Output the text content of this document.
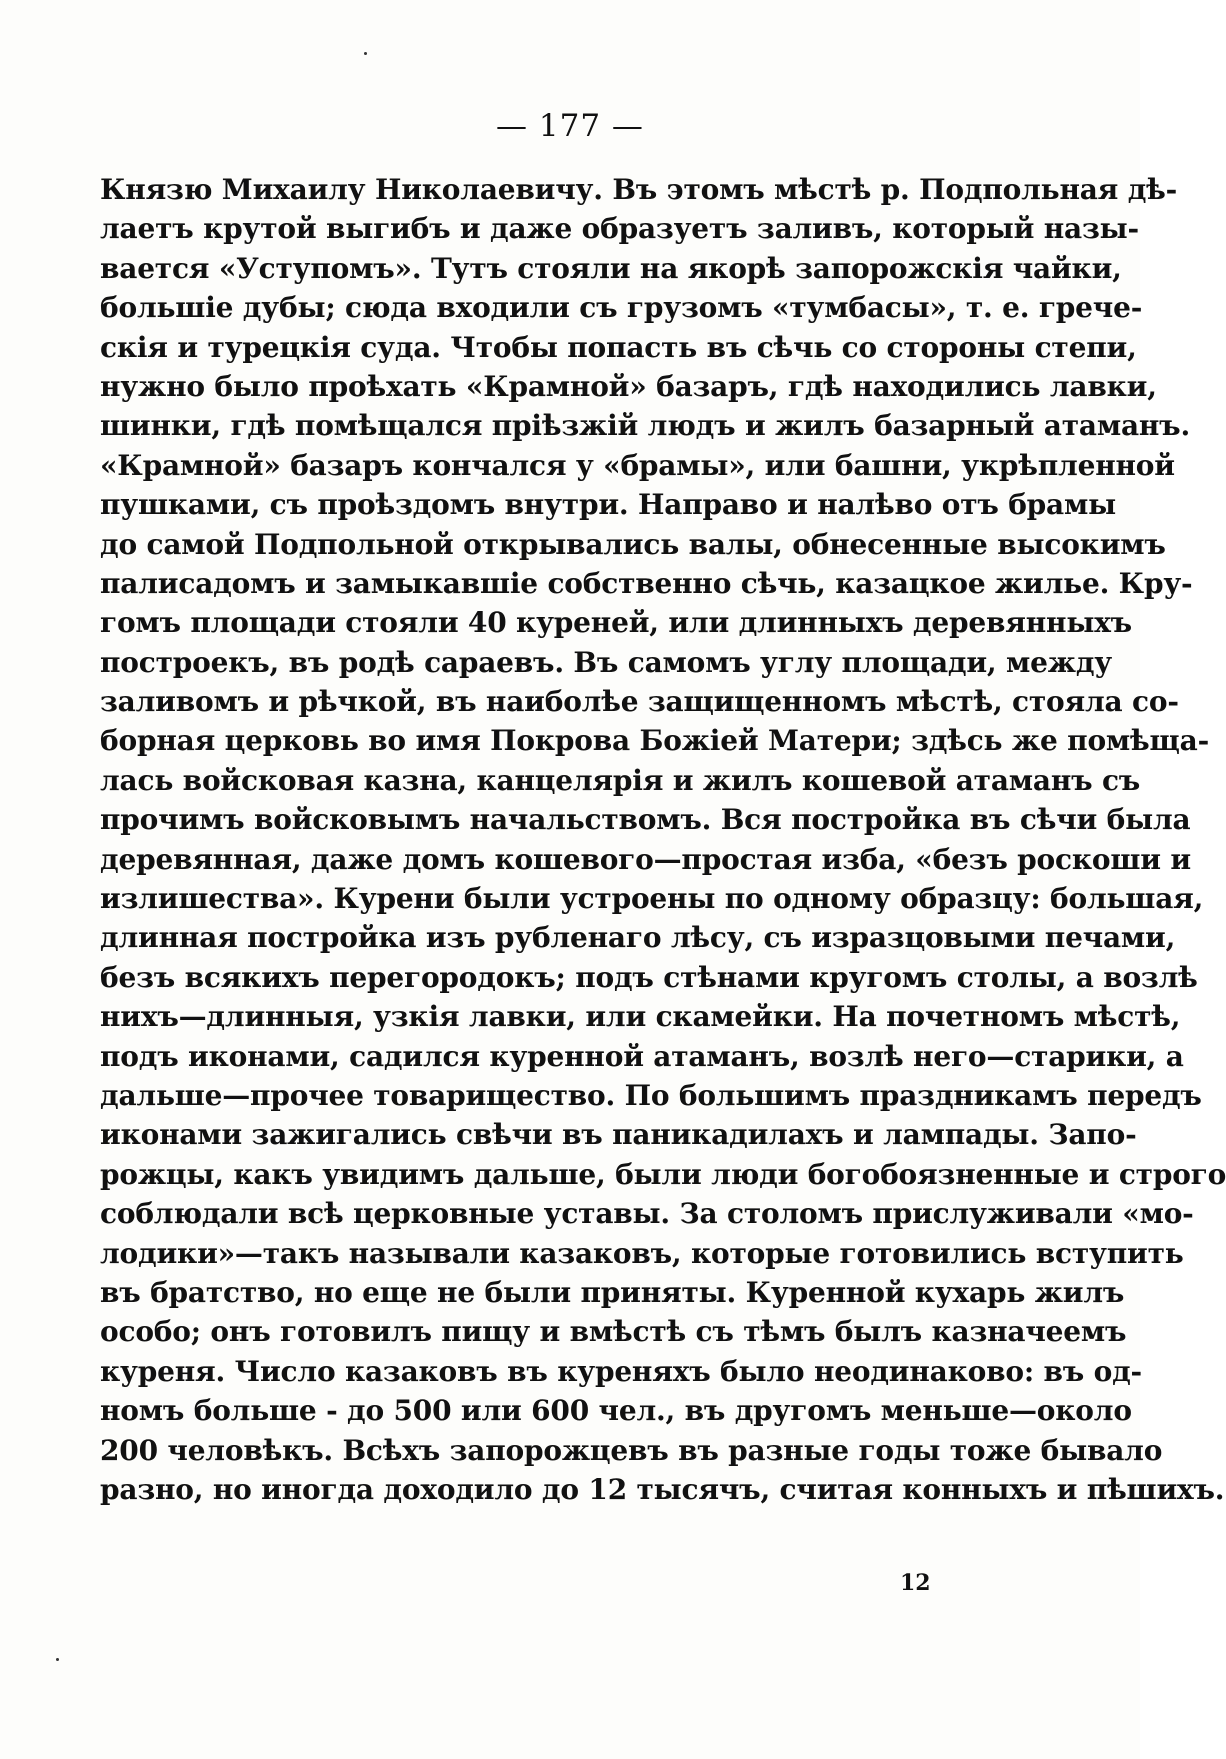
— 177 —
Князю Михаилу Николаевичу. Въ этомъ мѣстѣ р. Подпольная дѣ-
лаетъ крутой выгибъ и даже образуетъ заливъ, который назы-
вается «Уступомъ». Тутъ стояли на якорѣ запорожскія чайки,
большіе дубы; сюда входили съ грузомъ «тумбасы», т. е. грече-
скія и турецкія суда. Чтобы попасть въ сѣчь со стороны степи,
нужно было проѣхать «Крамной» базаръ, гдѣ находились лавки,
шинки, гдѣ помѣщался пріѣзжій людъ и жилъ базарный атаманъ.
«Крамной» базаръ кончался у «брамы», или башни, укрѣпленной
пушками, съ проѣздомъ внутри. Направо и налѣво отъ брамы
до самой Подпольной открывались валы, обнесенные высокимъ
палисадомъ и замыкавшіе собственно сѣчь, казацкое жилье. Кру-
гомъ площади стояли 40 куреней, или длинныхъ деревянныхъ
построекъ, въ родѣ сараевъ. Въ самомъ углу площади, между
заливомъ и рѣчкой, въ наиболѣе защищенномъ мѣстѣ, стояла со-
борная церковь во имя Покрова Божіей Матери; здѣсь же помѣща-
лась войсковая казна, канцелярія и жилъ кошевой атаманъ съ
прочимъ войсковымъ начальствомъ. Вся постройка въ сѣчи была
деревянная, даже домъ кошевого—простая изба, «безъ роскоши и
излишества». Курени были устроены по одному образцу: большая,
длинная постройка изъ рубленаго лѣсу, съ изразцовыми печами,
безъ всякихъ перегородокъ; подъ стѣнами кругомъ столы, а возлѣ
нихъ—длинныя, узкія лавки, или скамейки. На почетномъ мѣстѣ,
подъ иконами, садился куренной атаманъ, возлѣ него—старики, а
дальше—прочее товарищество. По большимъ праздникамъ передъ
иконами зажигались свѣчи въ паникадилахъ и лампады. Запо-
рожцы, какъ увидимъ дальше, были люди богобоязненные и строго
соблюдали всѣ церковные уставы. За столомъ прислуживали «мо-
лодики»—такъ называли казаковъ, которые готовились вступить
въ братство, но еще не были приняты. Куренной кухарь жилъ
особо; онъ готовилъ пищу и вмѣстѣ съ тѣмъ былъ казначеемъ
куреня. Число казаковъ въ куреняхъ было неодинаково: въ од-
номъ больше - до 500 или 600 чел., въ другомъ меньше—около
200 человѣкъ. Всѣхъ запорожцевъ въ разные годы тоже бывало
разно, но иногда доходило до 12 тысячъ, считая конныхъ и пѣшихъ.
12
